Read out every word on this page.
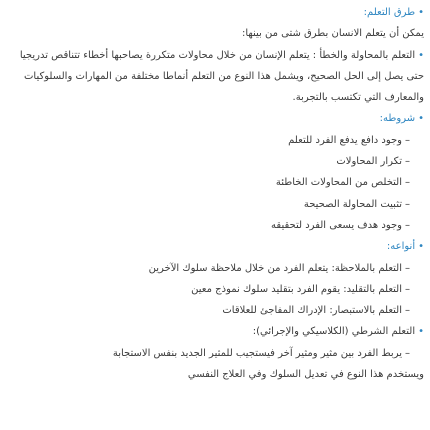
•طرق التعلم:
يمكن أن يتعلم الانسان بطرق شتى من بينها:
•التعلم بالمحاولة والخطأ : يتعلم الإنسان من خلال محاولات متكررة يصاحبها أخطاء تتناقص تدريجيا
حتى يصل إلى الحل الصحيح، ويشمل هذا النوع من التعلم أنماطا مختلفة من المهارات والسلوكيات
والمعارف التي تكتسب بالتجربة.
•شروطه:
–وجود دافع يدفع الفرد للتعلم
–تكرار المحاولات
–التخلص من المحاولات الخاطئة
–تثبيت المحاولة الصحيحة
–وجود هدف يسعى الفرد لتحقيقه
•أنواعه:
–التعلم بالملاحظة: يتعلم الفرد من خلال ملاحظة سلوك الآخرين
–التعلم بالتقليد: يقوم الفرد بتقليد سلوك نموذج معين
–التعلم بالاستبصار: الإدراك المفاجئ للعلاقات
•التعلم الشرطي (الكلاسيكي والإجرائي):
–يربط الفرد بين مثير ومثير آخر فيستجيب للمثير الجديد بنفس الاستجابة
ويستخدم هذا النوع في تعديل السلوك وفي العلاج النفسي
